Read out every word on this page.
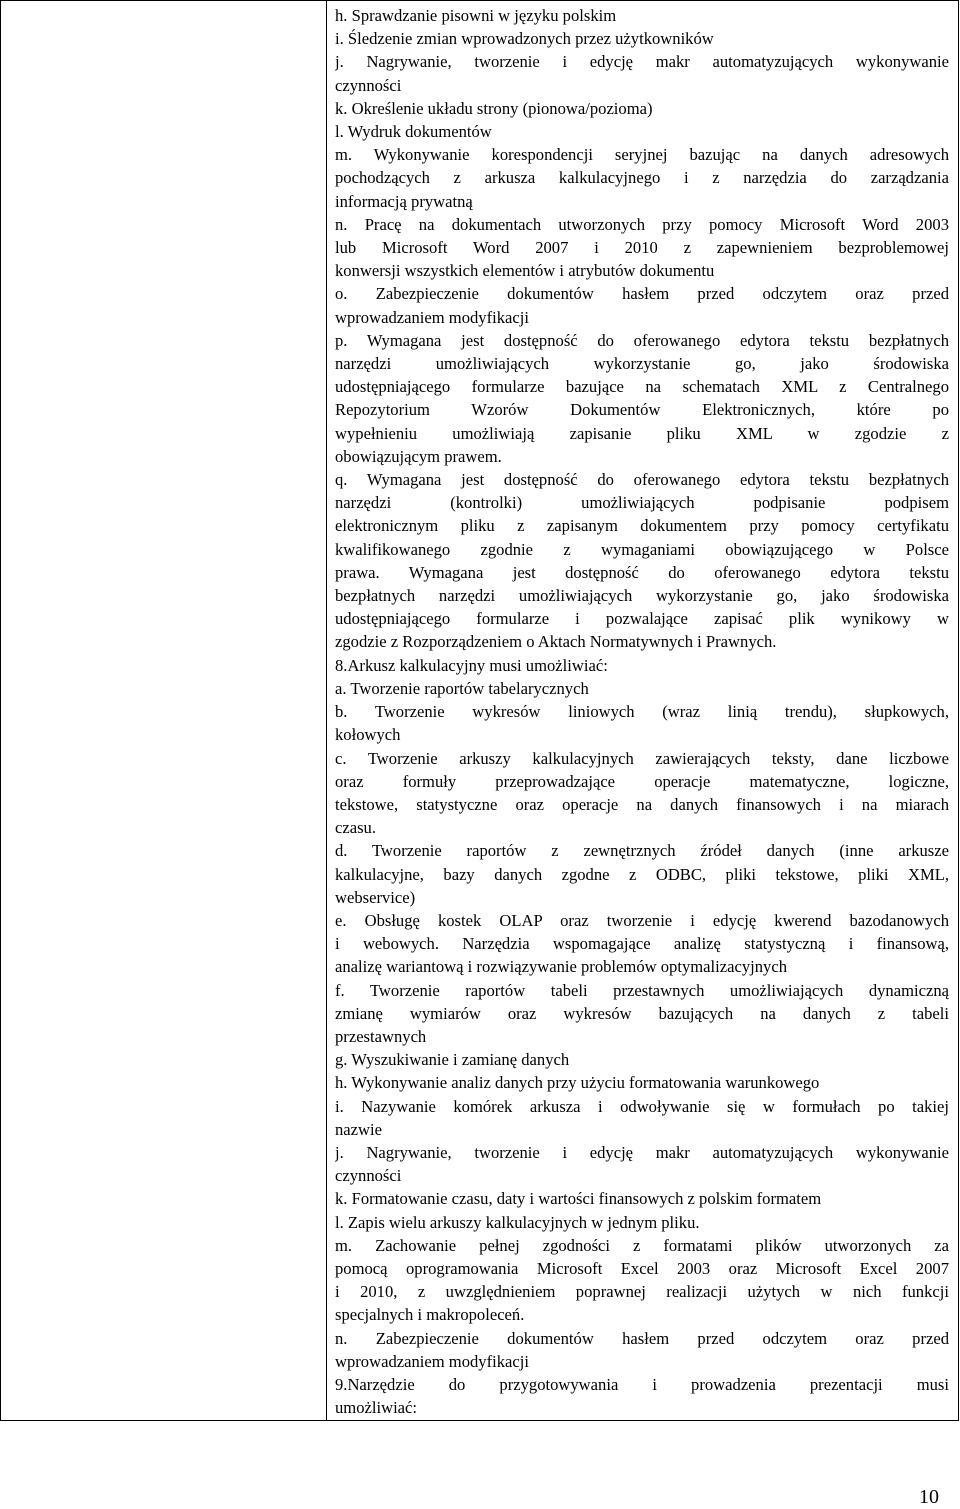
h. Sprawdzanie pisowni w języku polskim
i. Śledzenie zmian wprowadzonych przez użytkowników
j. Nagrywanie, tworzenie i edycję makr automatyzujących wykonywanie
czynności
k. Określenie układu strony (pionowa/pozioma)
l. Wydruk dokumentów
m. Wykonywanie korespondencji seryjnej bazując na danych adresowych
pochodzących z arkusza kalkulacyjnego i z narzędzia do zarządzania
informacją prywatną
n. Pracę na dokumentach utworzonych przy pomocy Microsoft Word 2003
lub Microsoft Word 2007 i 2010 z zapewnieniem bezproblemowej
konwersji wszystkich elementów i atrybutów dokumentu
o. Zabezpieczenie dokumentów hasłem przed odczytem oraz przed
wprowadzaniem modyfikacji
p. Wymagana jest dostępność do oferowanego edytora tekstu bezpłatnych
narzędzi umożliwiających wykorzystanie go, jako środowiska
udostępniającego formularze bazujące na schematach XML z Centralnego
Repozytorium Wzorów Dokumentów Elektronicznych, które po
wypełnieniu umożliwiają zapisanie pliku XML w zgodzie z
obowiązującym prawem.
q. Wymagana jest dostępność do oferowanego edytora tekstu bezpłatnych
narzędzi (kontrolki) umożliwiających podpisanie podpisem
elektronicznym pliku z zapisanym dokumentem przy pomocy certyfikatu
kwalifikowanego zgodnie z wymaganiami obowiązującego w Polsce
prawa. Wymagana jest dostępność do oferowanego edytora tekstu
bezpłatnych narzędzi umożliwiających wykorzystanie go, jako środowiska
udostępniającego formularze i pozwalające zapisać plik wynikowy w
zgodzie z Rozporządzeniem o Aktach Normatywnych i Prawnych.
8.Arkusz kalkulacyjny musi umożliwiać:
a. Tworzenie raportów tabelarycznych
b. Tworzenie wykresów liniowych (wraz linią trendu), słupkowych,
kołowych
c. Tworzenie arkuszy kalkulacyjnych zawierających teksty, dane liczbowe
oraz formuły przeprowadzające operacje matematyczne, logiczne,
tekstowe, statystyczne oraz operacje na danych finansowych i na miarach
czasu.
d. Tworzenie raportów z zewnętrznych źródeł danych (inne arkusze
kalkulacyjne, bazy danych zgodne z ODBC, pliki tekstowe, pliki XML,
webservice)
e. Obsługę kostek OLAP oraz tworzenie i edycję kwerend bazodanowych
i webowych. Narzędzia wspomagające analizę statystyczną i finansową,
analizę wariantową i rozwiązywanie problemów optymalizacyjnych
f. Tworzenie raportów tabeli przestawnych umożliwiających dynamiczną
zmianę wymiarów oraz wykresów bazujących na danych z tabeli
przestawnych
g. Wyszukiwanie i zamianę danych
h. Wykonywanie analiz danych przy użyciu formatowania warunkowego
i. Nazywanie komórek arkusza i odwoływanie się w formułach po takiej
nazwie
j. Nagrywanie, tworzenie i edycję makr automatyzujących wykonywanie
czynności
k. Formatowanie czasu, daty i wartości finansowych z polskim formatem
l. Zapis wielu arkuszy kalkulacyjnych w jednym pliku.
m. Zachowanie pełnej zgodności z formatami plików utworzonych za
pomocą oprogramowania Microsoft Excel 2003 oraz Microsoft Excel 2007
i 2010, z uwzględnieniem poprawnej realizacji użytych w nich funkcji
specjalnych i makropoleceń.
n. Zabezpieczenie dokumentów hasłem przed odczytem oraz przed
wprowadzaniem modyfikacji
9.Narzędzie do przygotowywania i prowadzenia prezentacji musi
umożliwiać:
10
